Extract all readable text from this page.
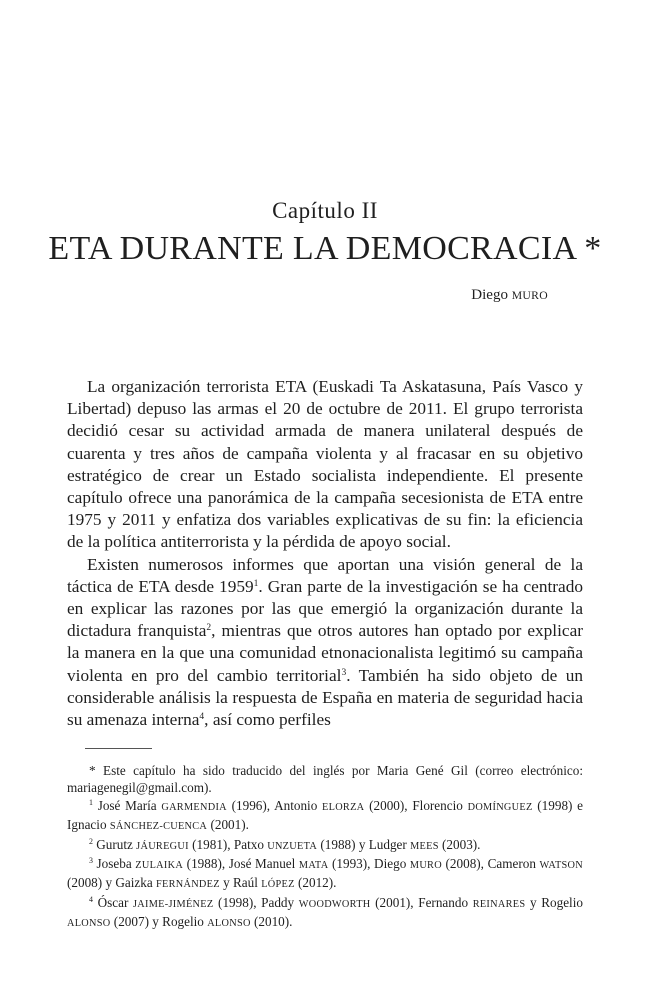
Capítulo II
ETA DURANTE LA DEMOCRACIA *
Diego MURO

La organización terrorista ETA (Euskadi Ta Askatasuna, País Vasco y Libertad) depuso las armas el 20 de octubre de 2011. El grupo terrorista decidió cesar su actividad armada de manera unilateral después de cuarenta y tres años de campaña violenta y al fracasar en su objetivo estratégico de crear un Estado socialista independiente. El presente capítulo ofrece una panorámica de la campaña secesionista de ETA entre 1975 y 2011 y enfatiza dos variables explicativas de su fin: la eficiencia de la política antiterrorista y la pérdida de apoyo social.

Existen numerosos informes que aportan una visión general de la táctica de ETA desde 1959$^1$. Gran parte de la investigación se ha centrado en explicar las razones por las que emergió la organización durante la dictadura franquista$^2$, mientras que otros autores han optado por explicar la manera en la que una comunidad etnonacionalista legitimó su campaña violenta en pro del cambio territorial$^3$. También ha sido objeto de un considerable análisis la respuesta de España en materia de seguridad hacia su amenaza interna$^4$, así como perfiles

* Este capítulo ha sido traducido del inglés por Maria Gené Gil (correo electrónico: mariagenegil@gmail.com).

$^1$ José María GARMENDIA (1996), Antonio ELORZA (2000), Florencio DOMÍNGUEZ (1998) e Ignacio SÁNCHEZ-CUENCA (2001).

$^2$ Gurutz JÁUREGUI (1981), Patxo UNZUETA (1988) y Ludger MEES (2003).

$^3$ Joseba ZULAIKA (1988), José Manuel MATA (1993), Diego MURO (2008), Cameron WATSON (2008) y Gaizka FERNÁNDEZ y Raúl LÓPEZ (2012).

$^4$ Óscar JAIME-JIMÉNEZ (1998), Paddy WOODWORTH (2001), Fernando REINARES y Rogelio ALONSO (2007) y Rogelio ALONSO (2010).
